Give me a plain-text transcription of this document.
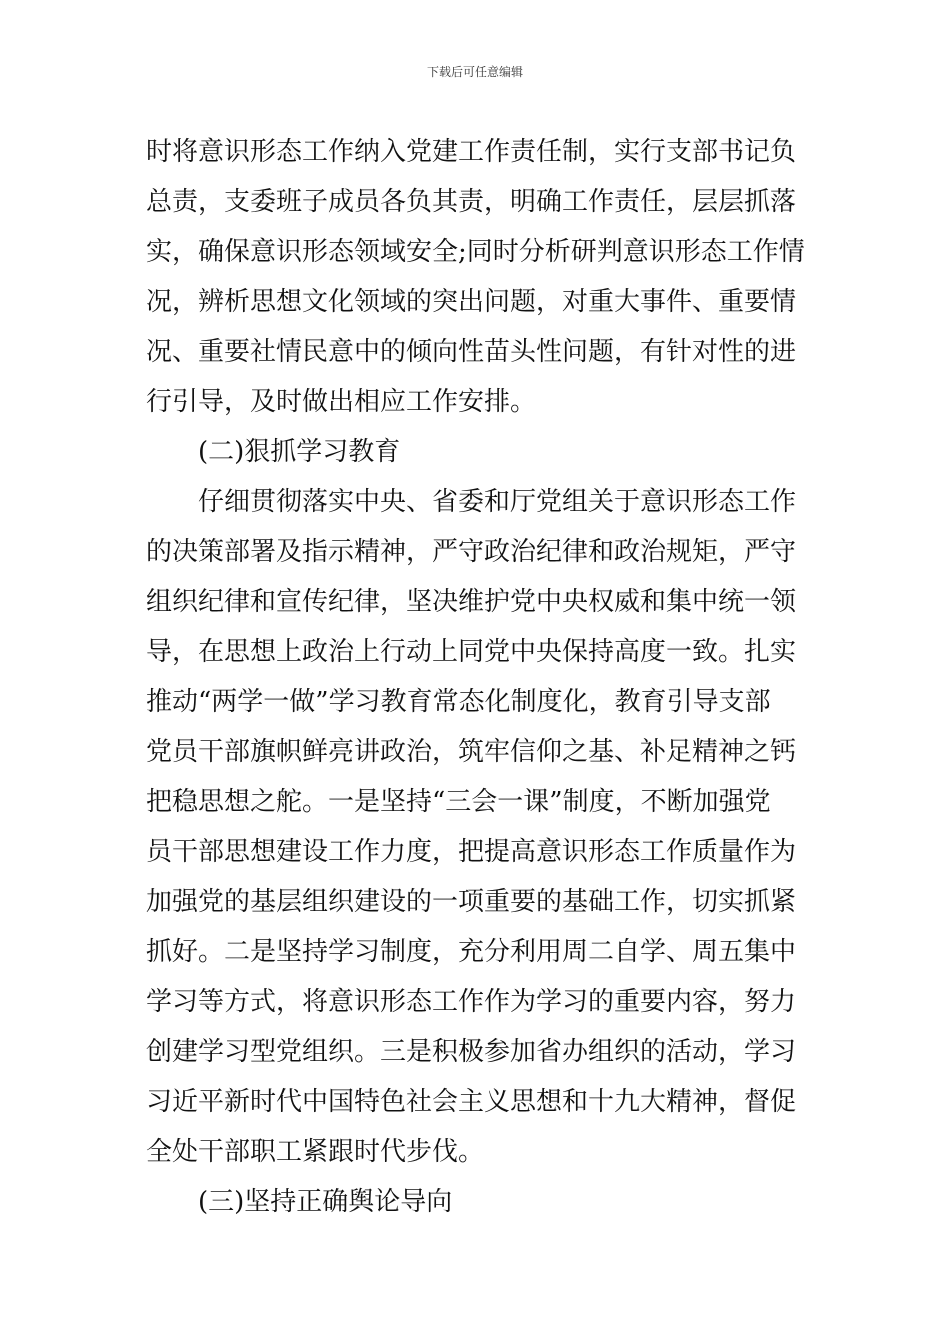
下载后可任意编辑
时将意识形态工作纳入党建工作责任制，实行支部书记负
总责，支委班子成员各负其责，明确工作责任，层层抓落
实，确保意识形态领域安全;同时分析研判意识形态工作情
况，辨析思想文化领域的突出问题，对重大事件、重要情
况、重要社情民意中的倾向性苗头性问题，有针对性的进
行引导，及时做出相应工作安排。
(二)狠抓学习教育
仔细贯彻落实中央、省委和厅党组关于意识形态工作
的决策部署及指示精神，严守政治纪律和政治规矩，严守
组织纪律和宣传纪律，坚决维护党中央权威和集中统一领
导，在思想上政治上行动上同党中央保持高度一致。扎实
推动“两学一做”学习教育常态化制度化，教育引导支部
党员干部旗帜鲜亮讲政治，筑牢信仰之基、补足精神之钙
把稳思想之舵。一是坚持“三会一课”制度，不断加强党
员干部思想建设工作力度，把提高意识形态工作质量作为
加强党的基层组织建设的一项重要的基础工作，切实抓紧
抓好。二是坚持学习制度，充分利用周二自学、周五集中
学习等方式，将意识形态工作作为学习的重要内容，努力
创建学习型党组织。三是积极参加省办组织的活动，学习
习近平新时代中国特色社会主义思想和十九大精神，督促
全处干部职工紧跟时代步伐。
(三)坚持正确舆论导向
